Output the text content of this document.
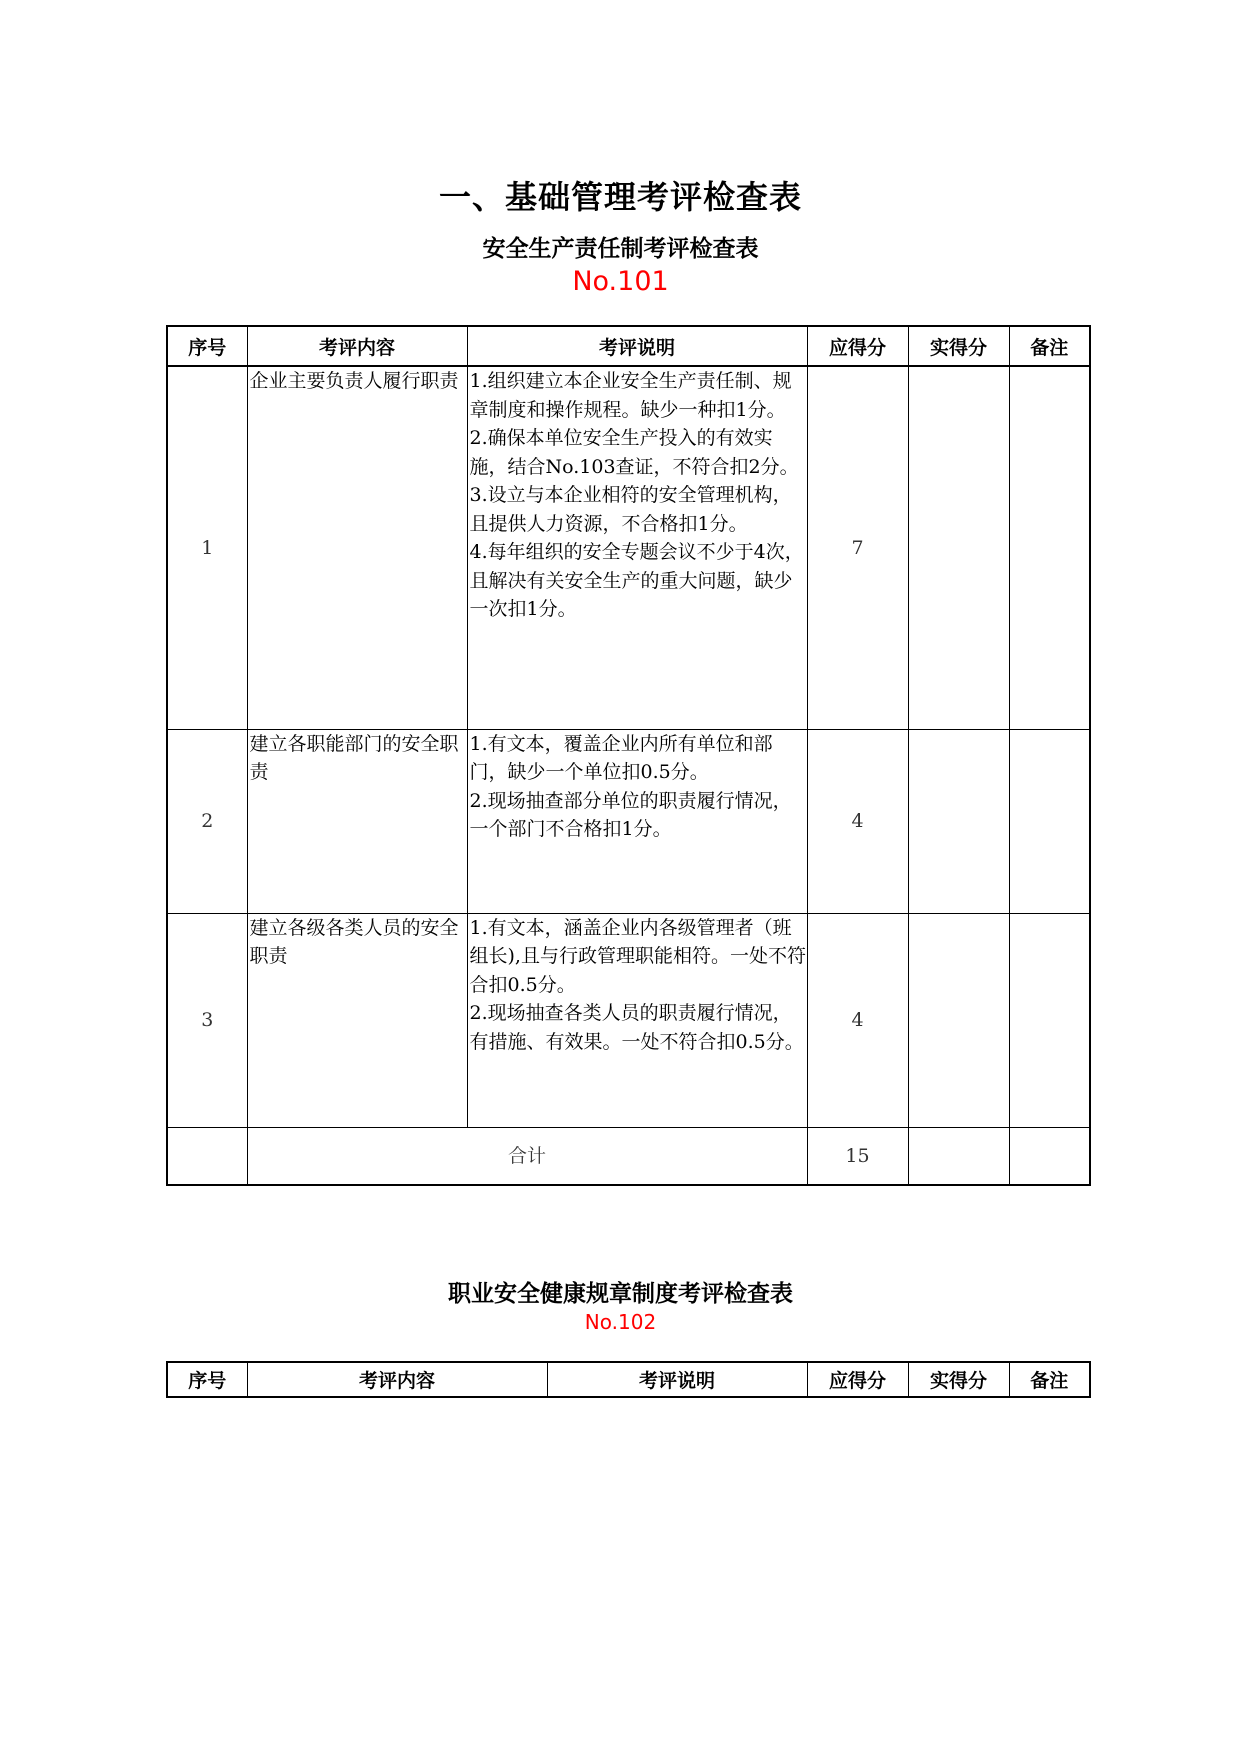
一、基础管理考评检查表
安全生产责任制考评检查表
No.101
序号	考评内容	考评说明	应得分	实得分	备注
1	企业主要负责人履行职责	1.组织建立本企业安全生产责任制、规章制度和操作规程。缺少一种扣1分。
2.确保本单位安全生产投入的有效实施，结合No.103查证，不符合扣2分。
3.设立与本企业相符的安全管理机构，且提供人力资源，不合格扣1分。
4.每年组织的安全专题会议不少于4次，且解决有关安全生产的重大问题，缺少一次扣1分。	7		
2	建立各职能部门的安全职责	1.有文本，覆盖企业内所有单位和部门，缺少一个单位扣0.5分。
2.现场抽查部分单位的职责履行情况，一个部门不合格扣1分。	4		
3	建立各级各类人员的安全职责	1.有文本，涵盖企业内各级管理者（班组长),且与行政管理职能相符。一处不符合扣0.5分。
2.现场抽查各类人员的职责履行情况，有措施、有效果。一处不符合扣0.5分。	4		
	合计		15		
职业安全健康规章制度考评检查表
No.102
序号	考评内容	考评说明	应得分	实得分	备注
